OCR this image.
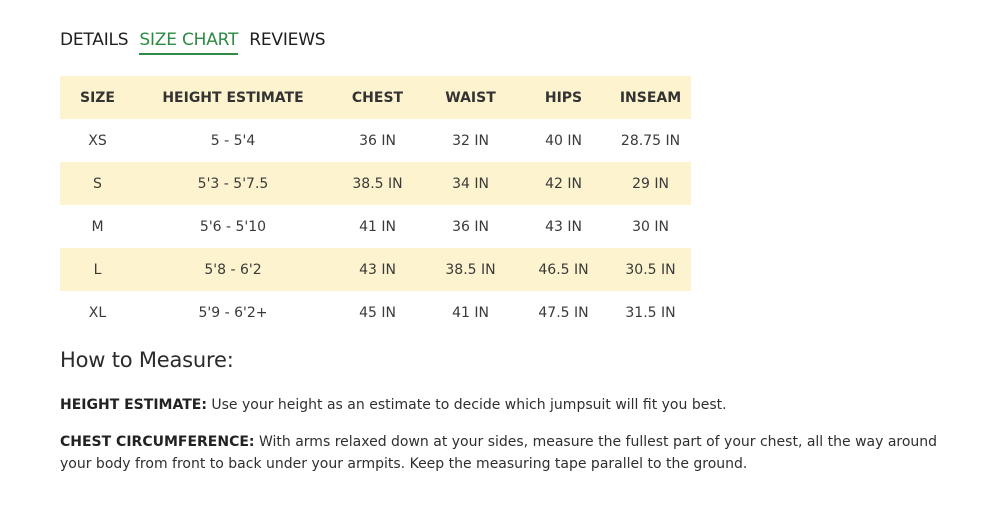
DETAILS SIZE CHART REVIEWS
SIZE	HEIGHT ESTIMATE	CHEST	WAIST	HIPS	INSEAM
XS	5 - 5'4	36 IN	32 IN	40 IN	28.75 IN
S	5'3 - 5'7.5	38.5 IN	34 IN	42 IN	29 IN
M	5'6 - 5'10	41 IN	36 IN	43 IN	30 IN
L	5'8 - 6'2	43 IN	38.5 IN	46.5 IN	30.5 IN
XL	5'9 - 6'2+	45 IN	41 IN	47.5 IN	31.5 IN
How to Measure:

HEIGHT ESTIMATE: Use your height as an estimate to decide which jumpsuit will fit you best.

CHEST CIRCUMFERENCE: With arms relaxed down at your sides, measure the fullest part of your chest, all the way around your body from front to back under your armpits. Keep the measuring tape parallel to the ground.
